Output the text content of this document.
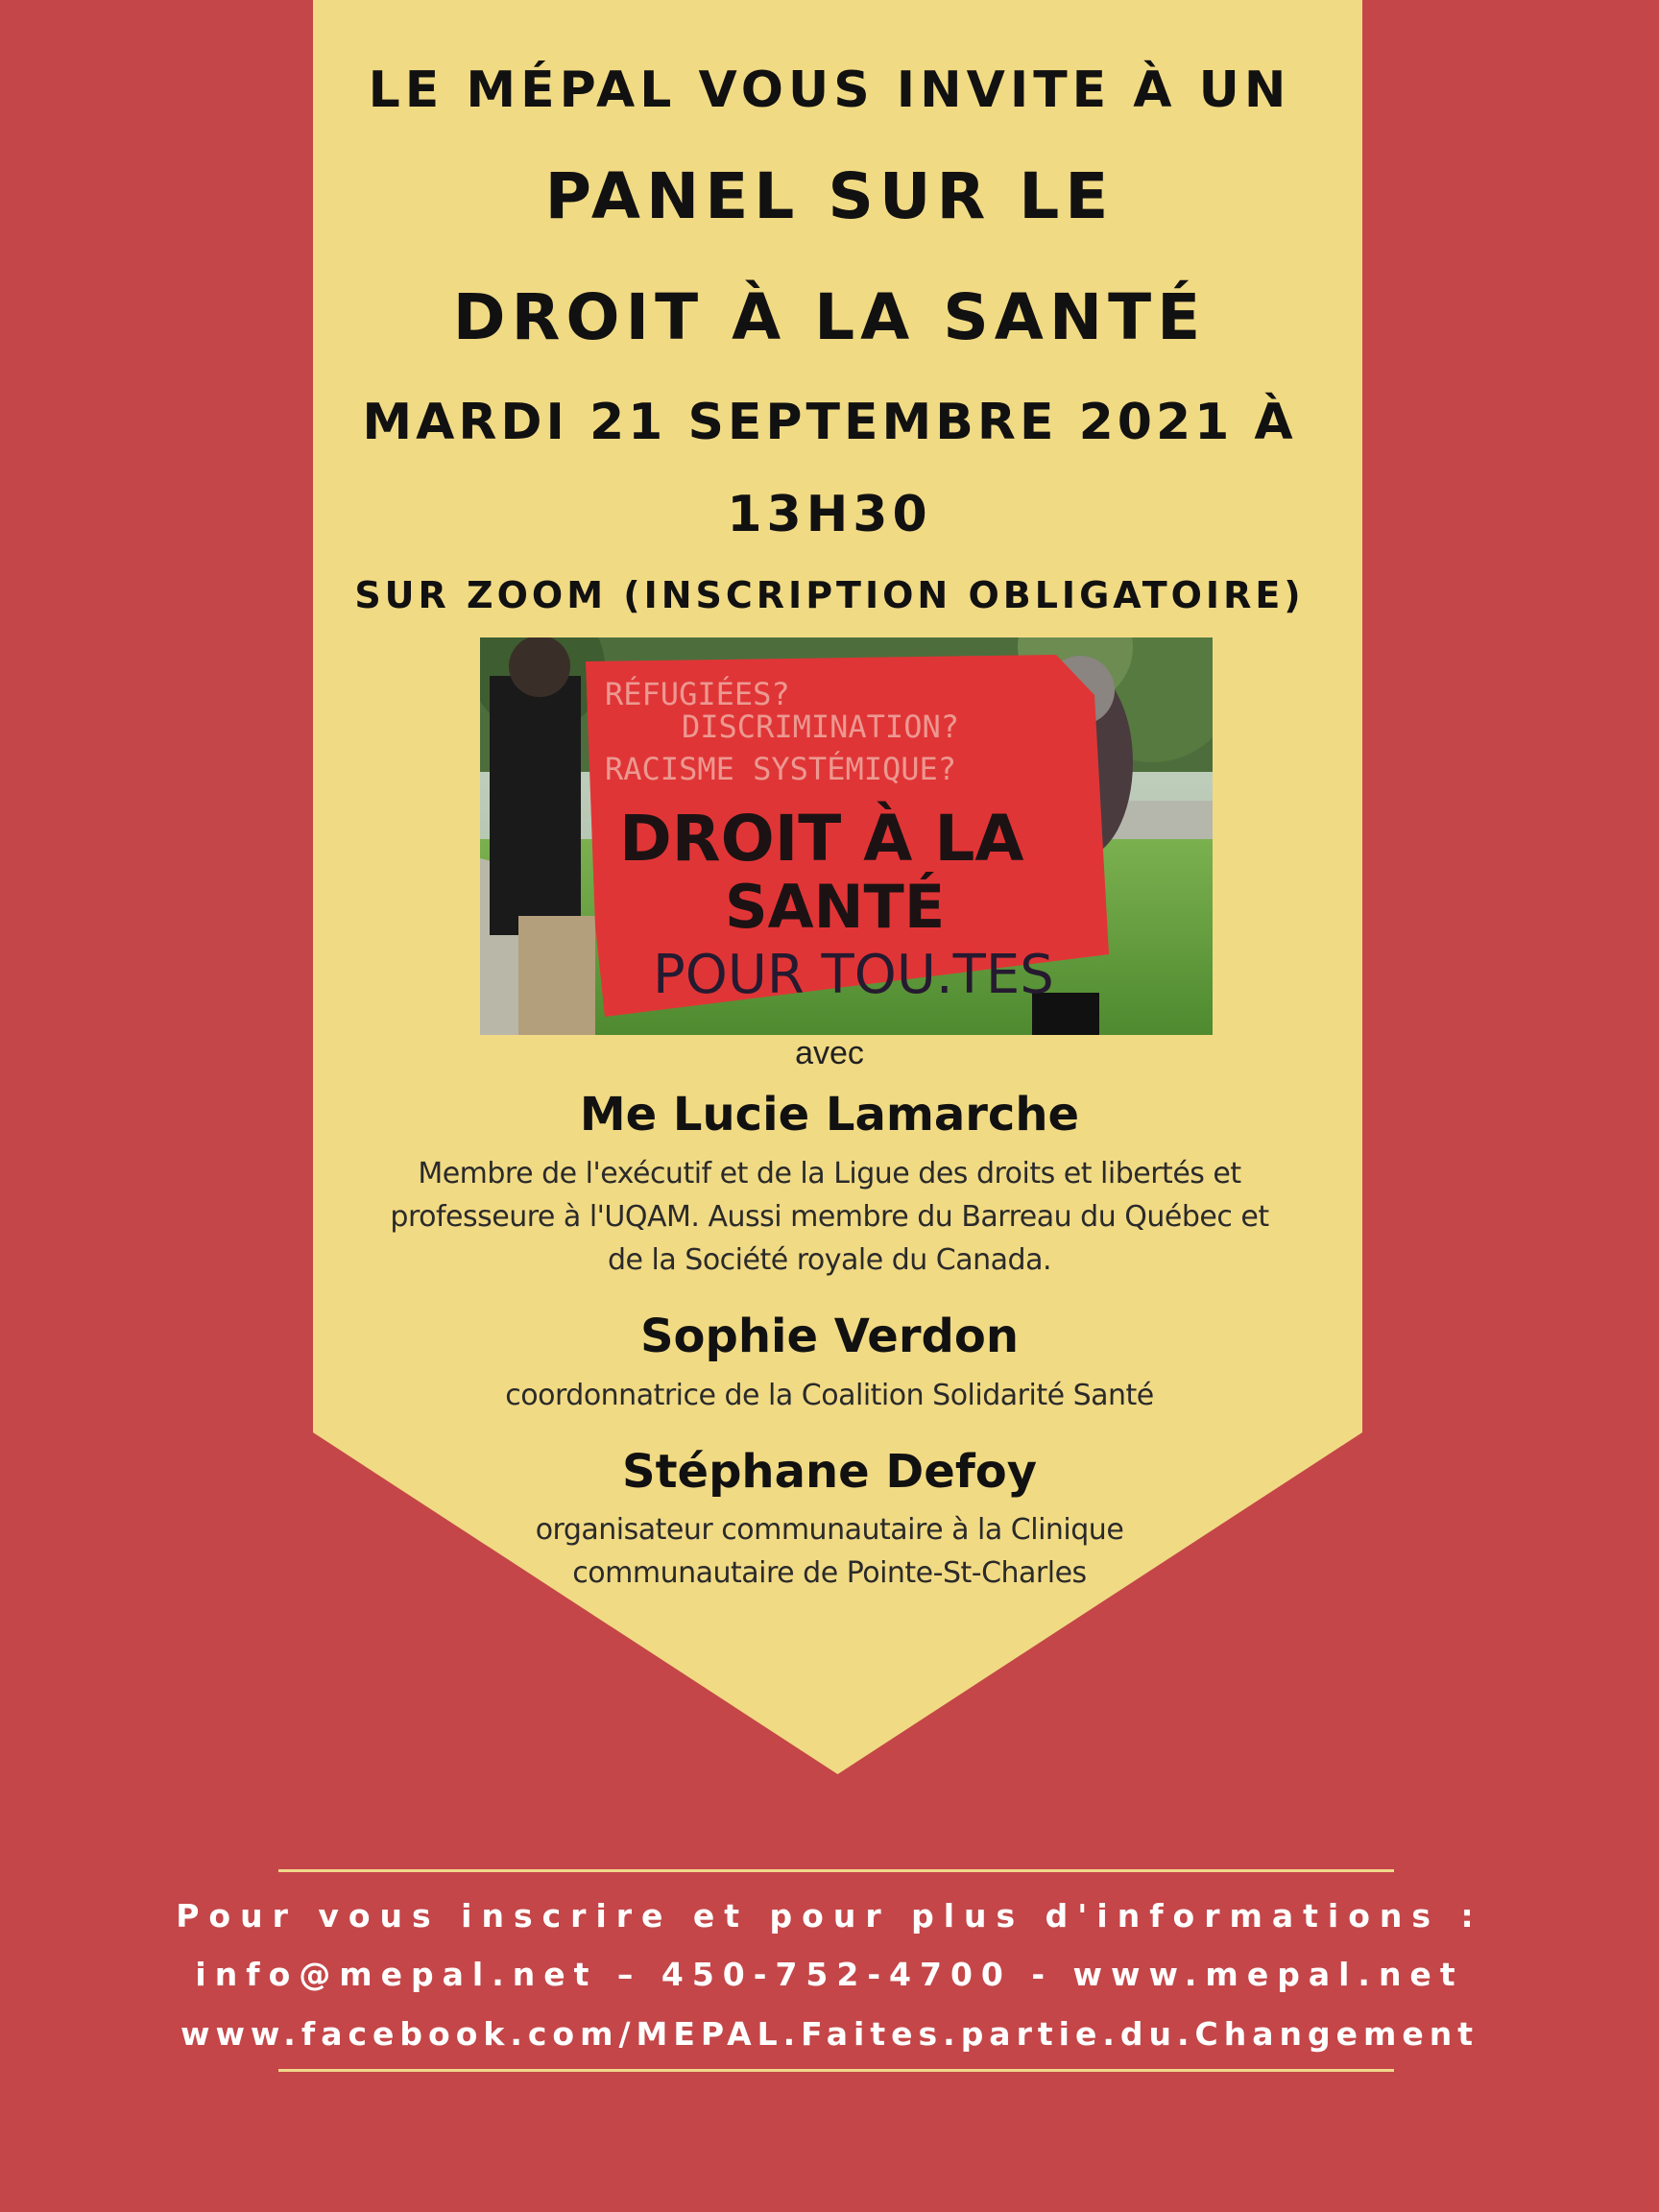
LE MÉPAL VOUS INVITE À UN
PANEL SUR LE
DROIT À LA SANTÉ
MARDI 21 SEPTEMBRE 2021 À
13H30
SUR ZOOM (INSCRIPTION OBLIGATOIRE)
RÉFUGIÉES?
DISCRIMINATION?
RACISME SYSTÉMIQUE?
DROIT À LA
SANTÉ
POUR TOU.TES
avec
Me Lucie Lamarche
Membre de l'exécutif et de la Ligue des droits et libertés et
professeure à l'UQAM. Aussi membre du Barreau du Québec et
de la Société royale du Canada.
Sophie Verdon
coordonnatrice de la Coalition Solidarité Santé
Stéphane Defoy
organisateur communautaire à la Clinique
communautaire de Pointe-St-Charles
Pour vous inscrire et pour plus d'informations :
info@mepal.net – 450-752-4700 - www.mepal.net
www.facebook.com/MEPAL.Faites.partie.du.Changement
